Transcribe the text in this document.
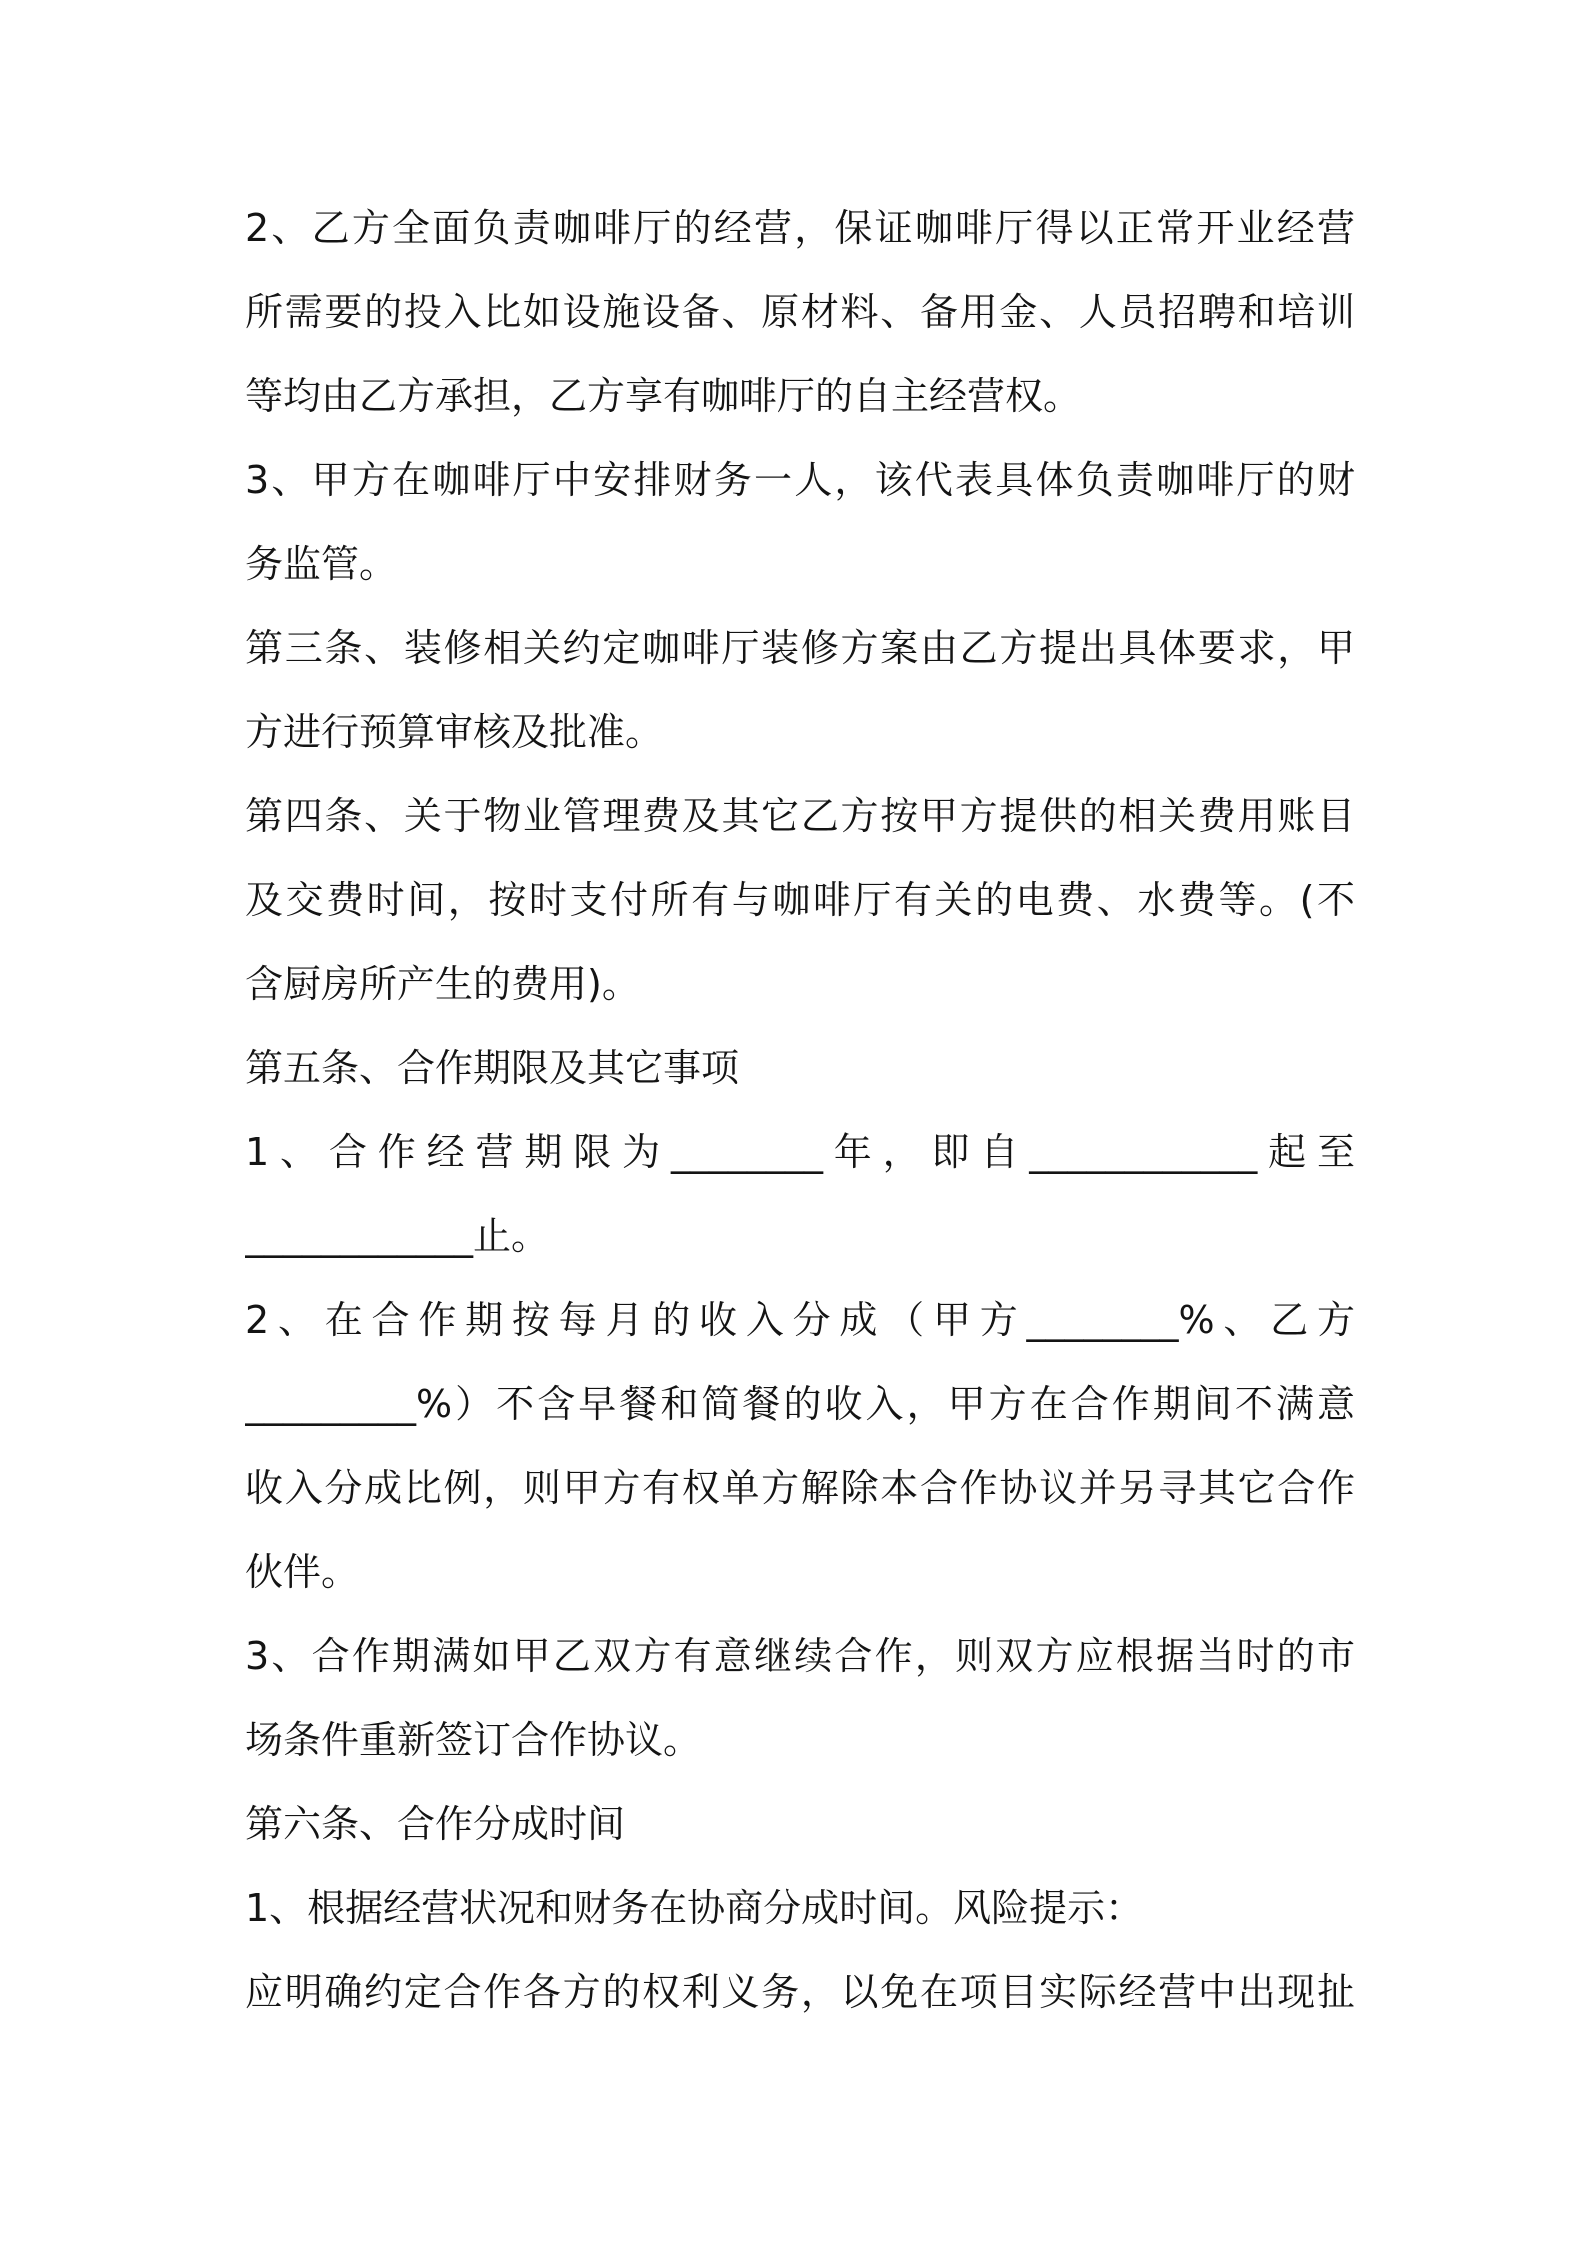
2、乙方全面负责咖啡厅的经营，保证咖啡厅得以正常开业经营
所需要的投入比如设施设备、原材料、备用金、人员招聘和培训
等均由乙方承担，乙方享有咖啡厅的自主经营权。
3、甲方在咖啡厅中安排财务一人，该代表具体负责咖啡厅的财
务监管。
第三条、装修相关约定咖啡厅装修方案由乙方提出具体要求，甲
方进行预算审核及批准。
第四条、关于物业管理费及其它乙方按甲方提供的相关费用账目
及交费时间，按时支付所有与咖啡厅有关的电费、水费等。(不
含厨房所产生的费用)。
第五条、合作期限及其它事项
1、合作经营期限为________年，即自____________起至
____________止。
2、在合作期按每月的收入分成（甲方________%、乙方
_________%）不含早餐和简餐的收入，甲方在合作期间不满意
收入分成比例，则甲方有权单方解除本合作协议并另寻其它合作
伙伴。
3、合作期满如甲乙双方有意继续合作，则双方应根据当时的市
场条件重新签订合作协议。
第六条、合作分成时间
1、根据经营状况和财务在协商分成时间。风险提示：
应明确约定合作各方的权利义务，以免在项目实际经营中出现扯
